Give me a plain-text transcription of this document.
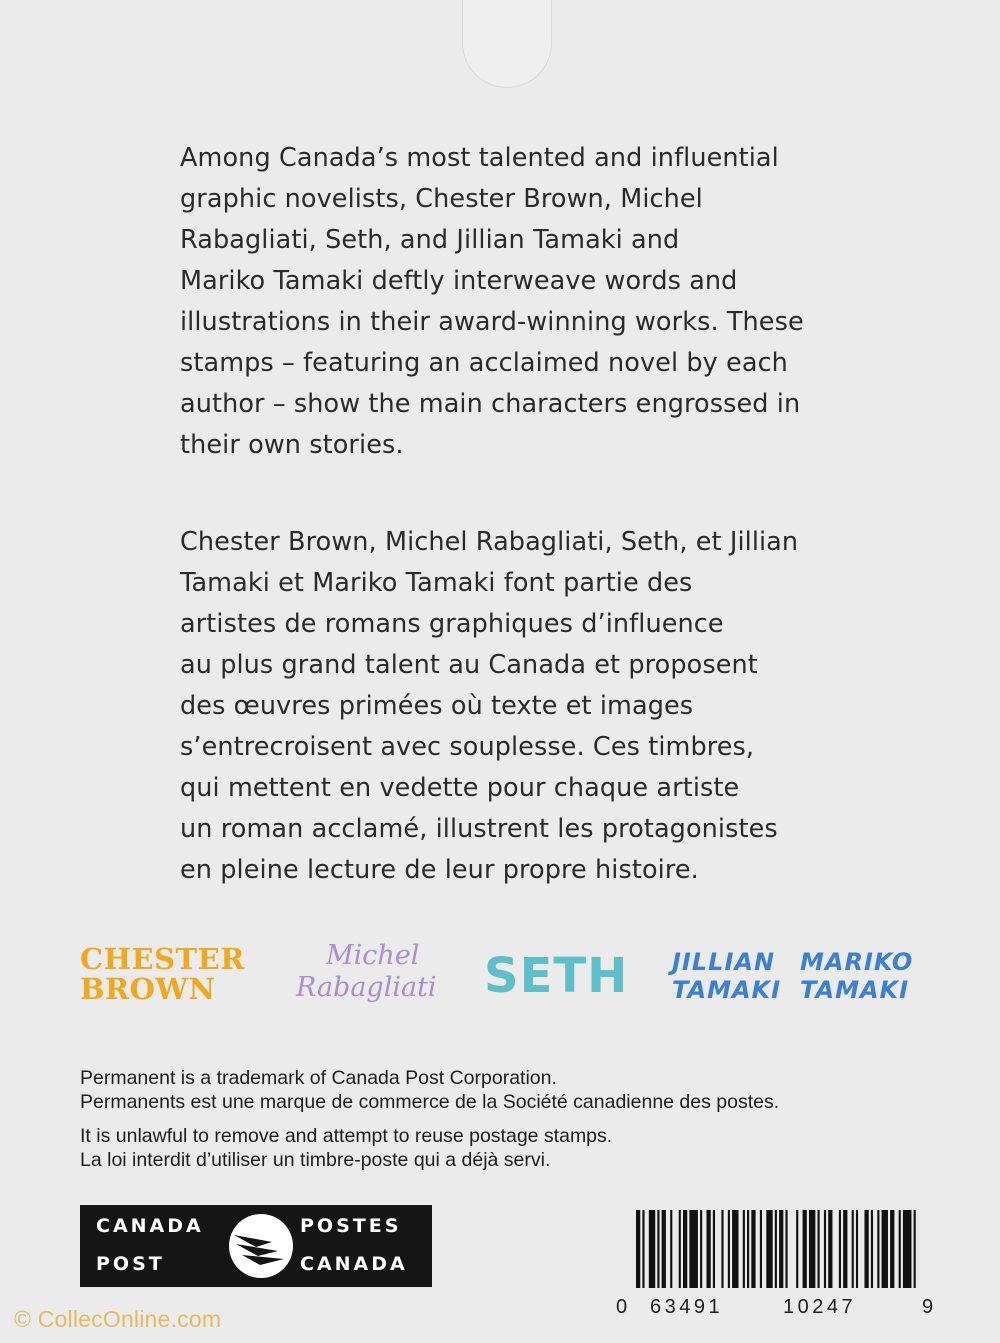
Among Canada’s most talented and influential
graphic novelists, Chester Brown, Michel
Rabagliati, Seth, and Jillian Tamaki and
Mariko Tamaki deftly interweave words and
illustrations in their award-winning works. These
stamps – featuring an acclaimed novel by each
author – show the main characters engrossed in
their own stories.
Chester Brown, Michel Rabagliati, Seth, et Jillian
Tamaki et Mariko Tamaki font partie des
artistes de romans graphiques d’influence
au plus grand talent au Canada et proposent
des œuvres primées où texte et images
s’entrecroisent avec souplesse. Ces timbres,
qui mettent en vedette pour chaque artiste
un roman acclamé, illustrent les protagonistes
en pleine lecture de leur propre histoire.
CHESTER
BROWN
Michel
Rabagliati SETH JILLIAN
TAMAKI
MARIKO
TAMAKI
Permanent is a trademark of Canada Post Corporation.
Permanents est une marque de commerce de la Société canadienne des postes.
It is unlawful to remove and attempt to reuse postage stamps.
La loi interdit d’utiliser un timbre-poste qui a déjà servi.
CANADA
POST
POSTES
CANADA
0 63491	10247	9
© CollecOnline.com
